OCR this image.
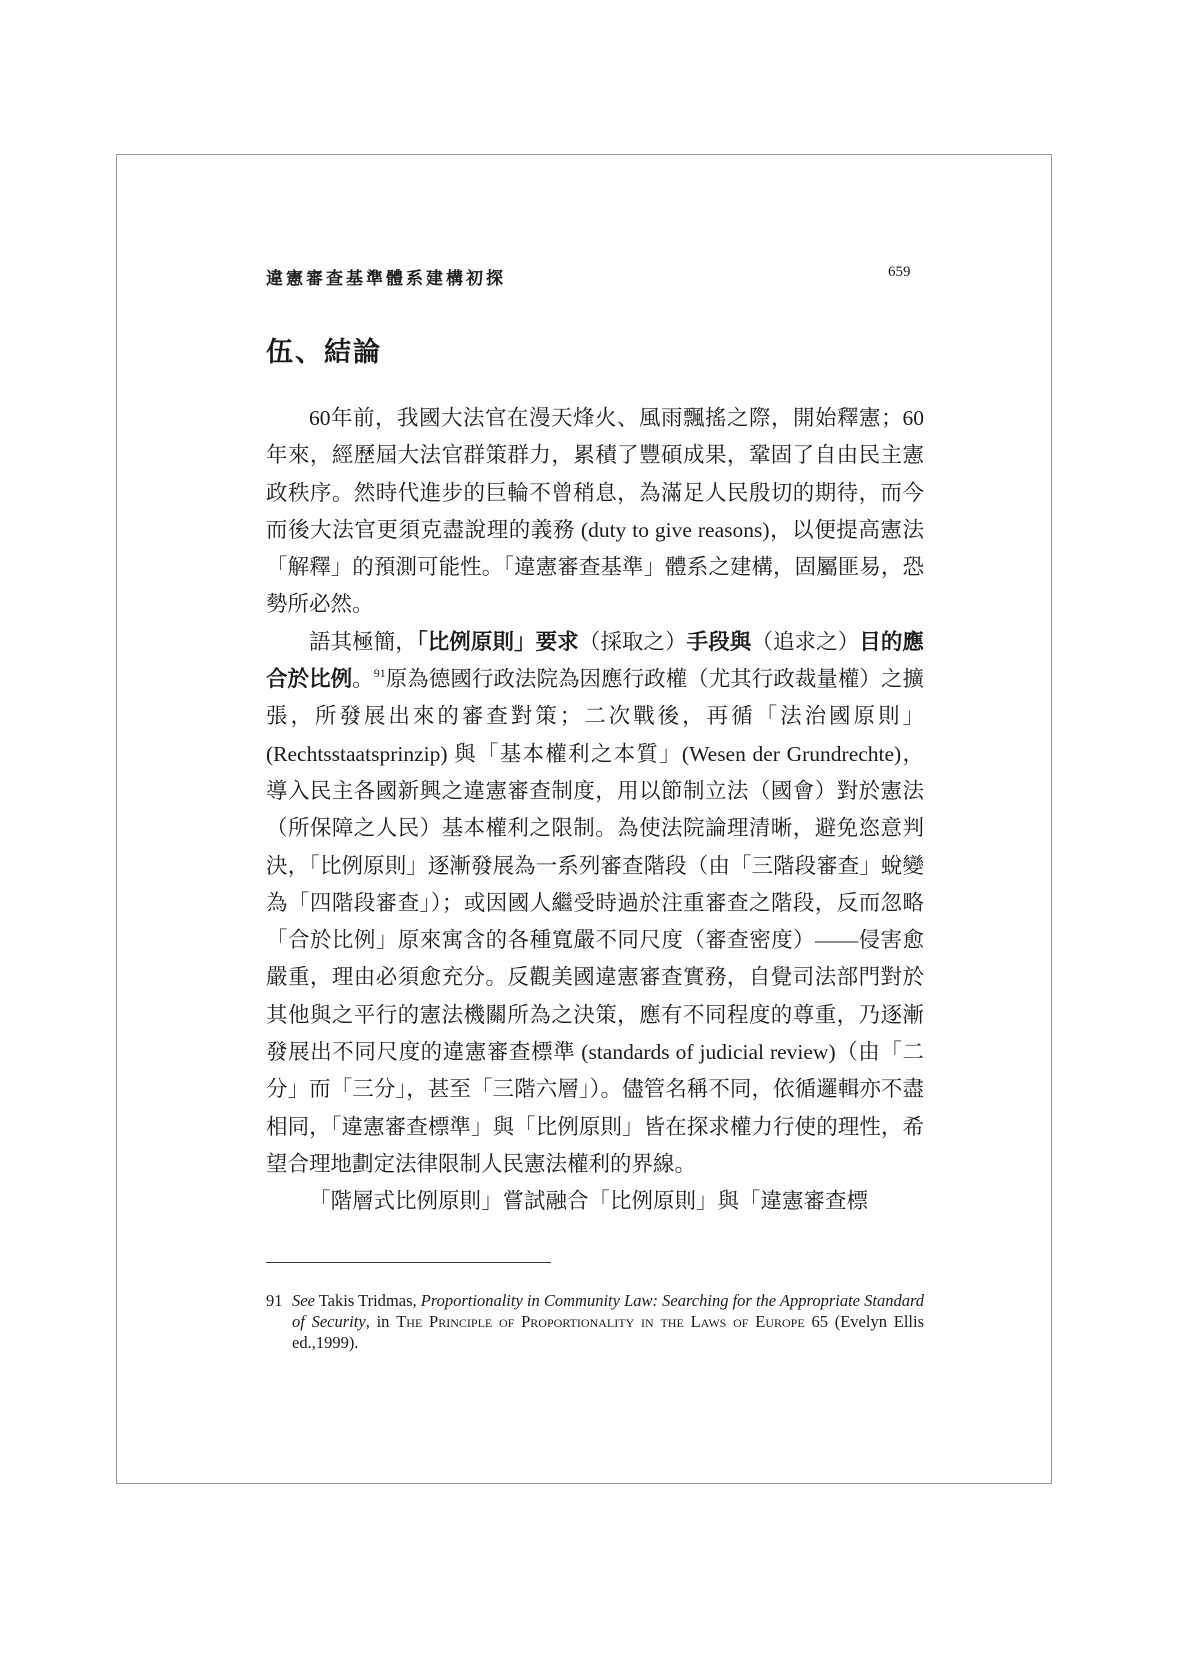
違憲審查基準體系建構初探	659
伍、結論

60年前，我國大法官在漫天烽火、風雨飄搖之際，開始釋憲；60年來，經歷屆大法官群策群力，累積了豐碩成果，鞏固了自由民主憲政秩序。然時代進步的巨輪不曾稍息，為滿足人民殷切的期待，而今而後大法官更須克盡說理的義務 (duty to give reasons)，以便提高憲法「解釋」的預測可能性。「違憲審查基準」體系之建構，固屬匪易，恐勢所必然。

語其極簡，「比例原則」要求（採取之）手段與（追求之）目的應合於比例。$^{91}$原為德國行政法院為因應行政權（尤其行政裁量權）之擴張，所發展出來的審查對策；二次戰後，再循「法治國原則」(Rechtsstaatsprinzip) 與「基本權利之本質」(Wesen der Grundrechte)，導入民主各國新興之違憲審查制度，用以節制立法（國會）對於憲法（所保障之人民）基本權利之限制。為使法院論理清晰，避免恣意判決，「比例原則」逐漸發展為一系列審查階段（由「三階段審查」蛻變為「四階段審查」）；或因國人繼受時過於注重審查之階段，反而忽略「合於比例」原來寓含的各種寬嚴不同尺度（審查密度）——侵害愈嚴重，理由必須愈充分。反觀美國違憲審查實務，自覺司法部門對於其他與之平行的憲法機關所為之決策，應有不同程度的尊重，乃逐漸發展出不同尺度的違憲審查標準 (standards of judicial review)（由「二分」而「三分」，甚至「三階六層」）。儘管名稱不同，依循邏輯亦不盡相同，「違憲審查標準」與「比例原則」皆在探求權力行使的理性，希望合理地劃定法律限制人民憲法權利的界線。

「階層式比例原則」嘗試融合「比例原則」與「違憲審查標

91 See Takis Tridmas, Proportionality in Community Law: Searching for the Appropriate Standard of Security, in The Principle of Proportionality in the Laws of Europe 65 (Evelyn Ellis ed.,1999).
